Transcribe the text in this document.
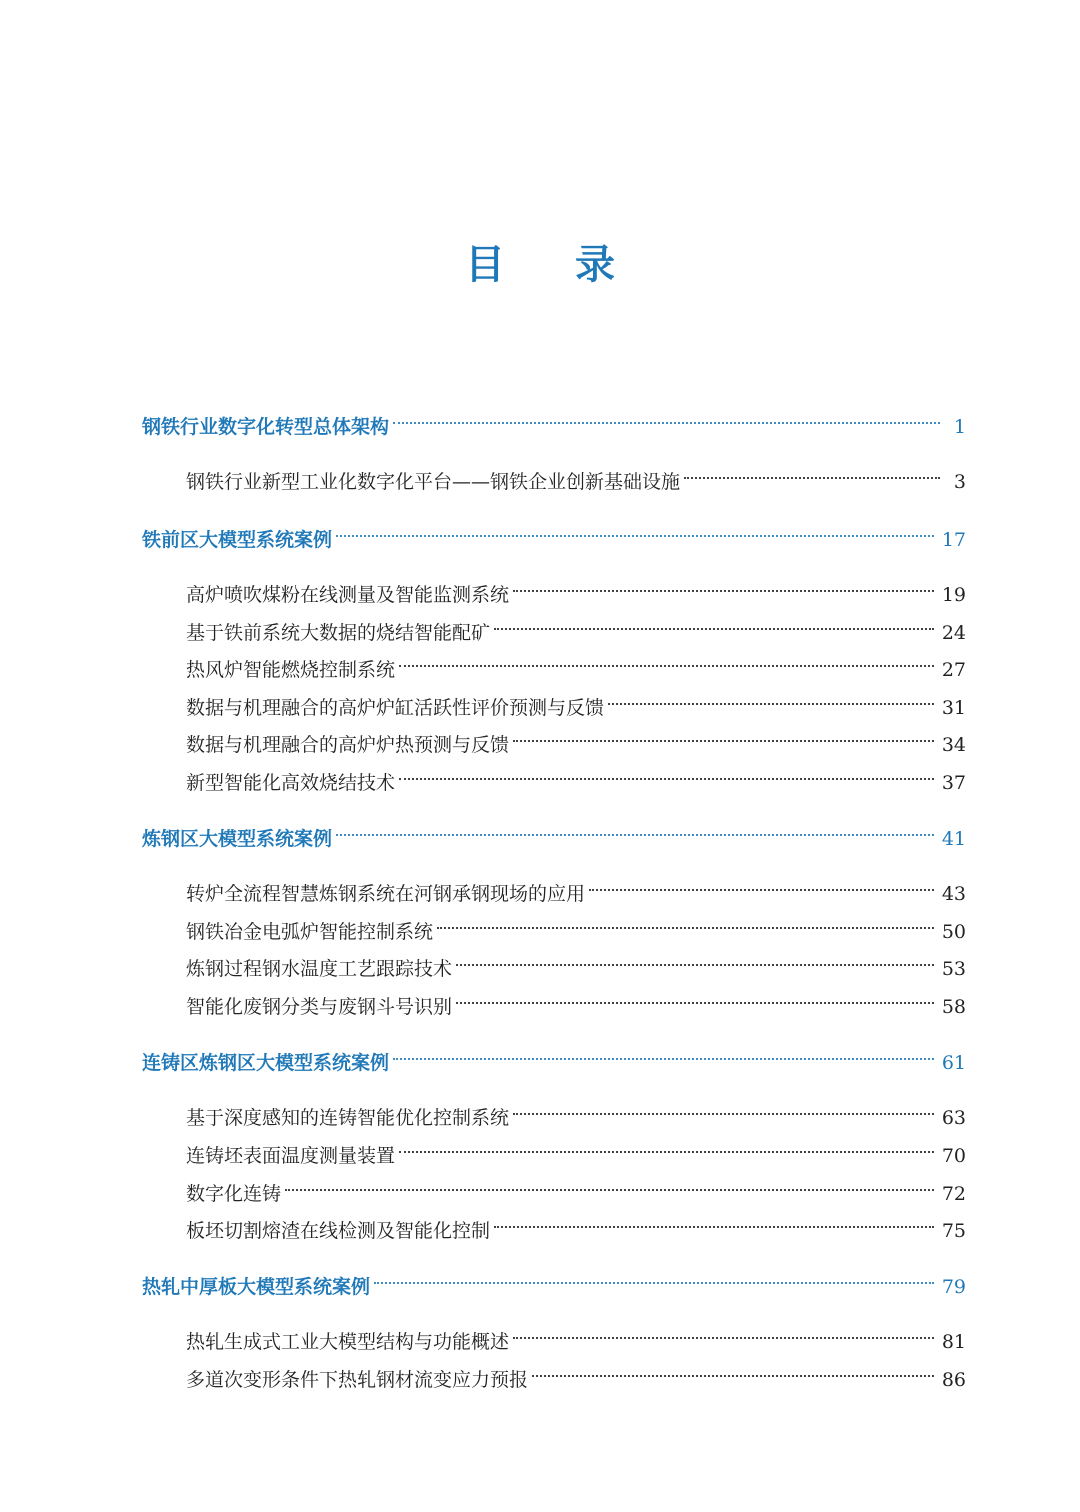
目 录
钢铁行业数字化转型总体架构	1
钢铁行业新型工业化数字化平台——钢铁企业创新基础设施	3
铁前区大模型系统案例	17
高炉喷吹煤粉在线测量及智能监测系统	19
基于铁前系统大数据的烧结智能配矿	24
热风炉智能燃烧控制系统	27
数据与机理融合的高炉炉缸活跃性评价预测与反馈	31
数据与机理融合的高炉炉热预测与反馈	34
新型智能化高效烧结技术	37
炼钢区大模型系统案例	41
转炉全流程智慧炼钢系统在河钢承钢现场的应用	43
钢铁冶金电弧炉智能控制系统	50
炼钢过程钢水温度工艺跟踪技术	53
智能化废钢分类与废钢斗号识别	58
连铸区炼钢区大模型系统案例	61
基于深度感知的连铸智能优化控制系统	63
连铸坯表面温度测量装置	70
数字化连铸	72
板坯切割熔渣在线检测及智能化控制	75
热轧中厚板大模型系统案例	79
热轧生成式工业大模型结构与功能概述	81
多道次变形条件下热轧钢材流变应力预报	86
